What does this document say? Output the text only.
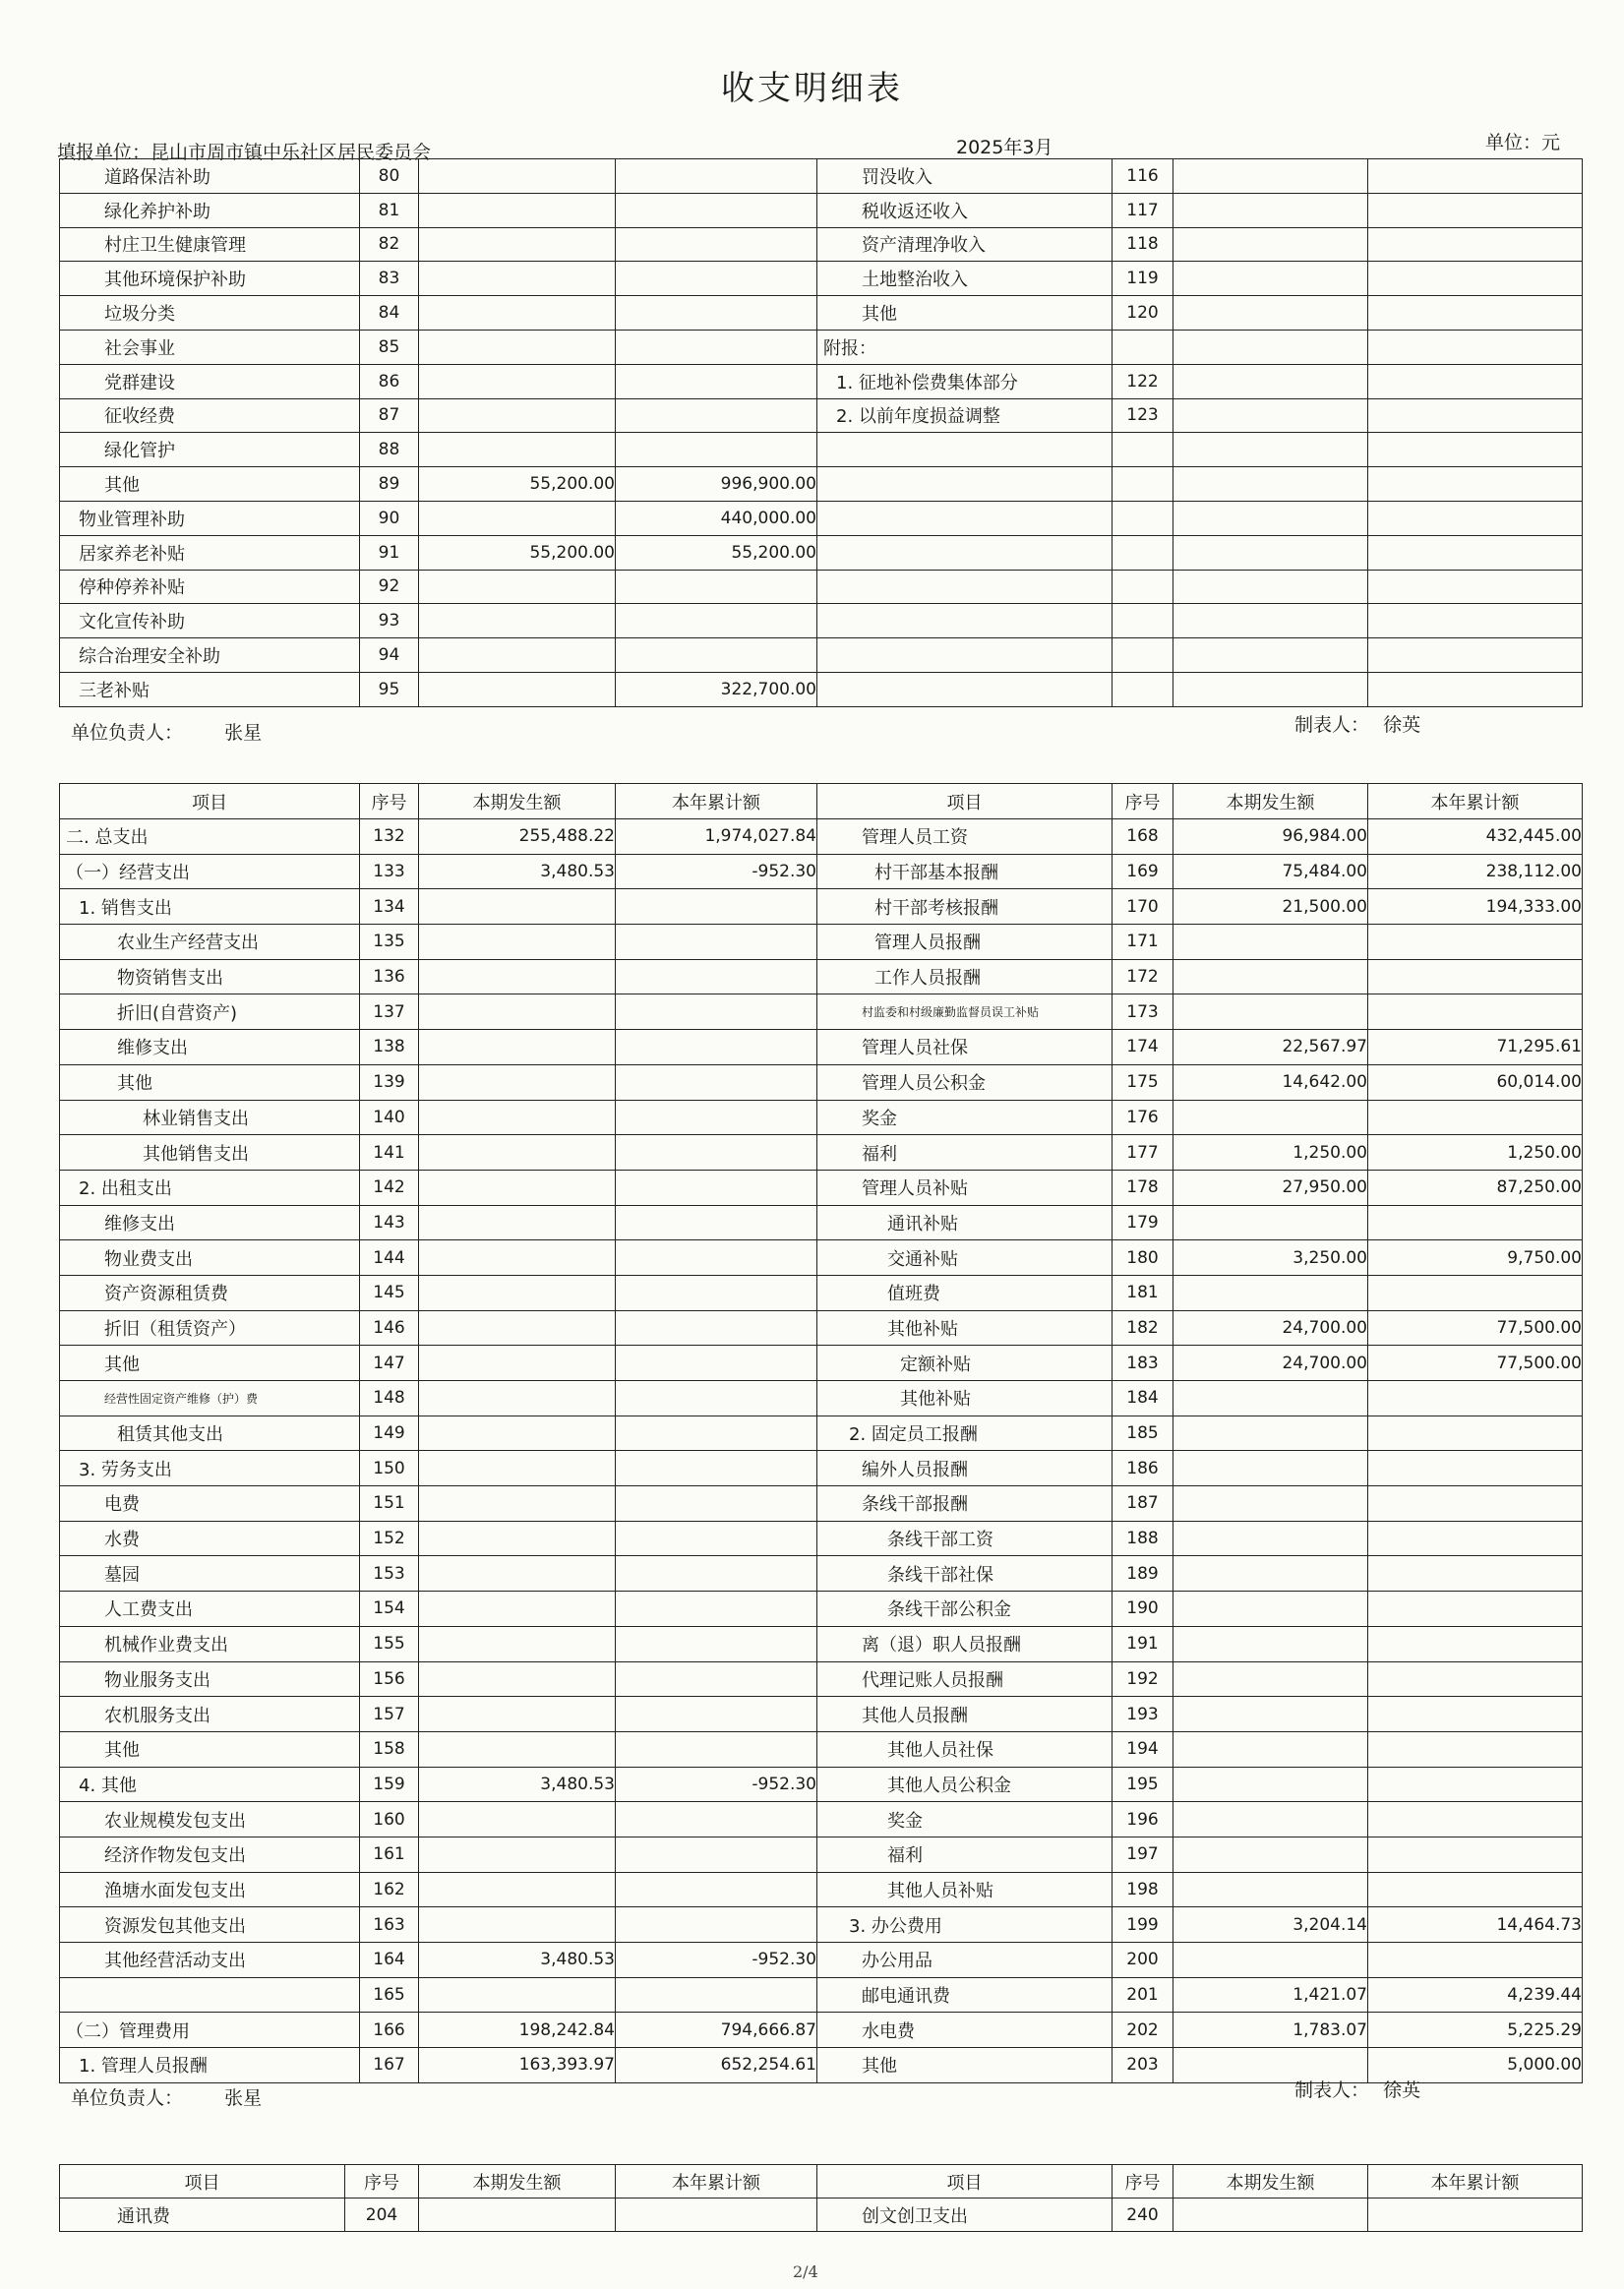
收支明细表
填报单位：昆山市周市镇中乐社区居民委员会	2025年3月	单位：元
道路保洁补助	80			罚没收入	116		
绿化养护补助	81			税收返还收入	117		
村庄卫生健康管理	82			资产清理净收入	118		
其他环境保护补助	83			土地整治收入	119		
垃圾分类	84			其他	120		
社会事业	85			附报：			
党群建设	86			1. 征地补偿费集体部分	122		
征收经费	87			2. 以前年度损益调整	123		
绿化管护	88						
其他	89	55,200.00	996,900.00				
物业管理补助	90		440,000.00				
居家养老补贴	91	55,200.00	55,200.00				
停种停养补贴	92						
文化宣传补助	93						
综合治理安全补助	94						
三老补贴	95		322,700.00				
单位负责人： 张星	制表人： 徐英
项目	序号	本期发生额	本年累计额	项目	序号	本期发生额	本年累计额
二. 总支出	132	255,488.22	1,974,027.84	管理人员工资	168	96,984.00	432,445.00
（一）经营支出	133	3,480.53	-952.30	村干部基本报酬	169	75,484.00	238,112.00
1. 销售支出	134			村干部考核报酬	170	21,500.00	194,333.00
农业生产经营支出	135			管理人员报酬	171		
物资销售支出	136			工作人员报酬	172		
折旧(自营资产)	137			村监委和村级廉勤监督员误工补贴	173		
维修支出	138			管理人员社保	174	22,567.97	71,295.61
其他	139			管理人员公积金	175	14,642.00	60,014.00
林业销售支出	140			奖金	176		
其他销售支出	141			福利	177	1,250.00	1,250.00
2. 出租支出	142			管理人员补贴	178	27,950.00	87,250.00
维修支出	143			通讯补贴	179		
物业费支出	144			交通补贴	180	3,250.00	9,750.00
资产资源租赁费	145			值班费	181		
折旧（租赁资产）	146			其他补贴	182	24,700.00	77,500.00
其他	147			定额补贴	183	24,700.00	77,500.00
经营性固定资产维修（护）费	148			其他补贴	184		
租赁其他支出	149			2. 固定员工报酬	185		
3. 劳务支出	150			编外人员报酬	186		
电费	151			条线干部报酬	187		
水费	152			条线干部工资	188		
墓园	153			条线干部社保	189		
人工费支出	154			条线干部公积金	190		
机械作业费支出	155			离（退）职人员报酬	191		
物业服务支出	156			代理记账人员报酬	192		
农机服务支出	157			其他人员报酬	193		
其他	158			其他人员社保	194		
4. 其他	159	3,480.53	-952.30	其他人员公积金	195		
农业规模发包支出	160			奖金	196		
经济作物发包支出	161			福利	197		
渔塘水面发包支出	162			其他人员补贴	198		
资源发包其他支出	163			3. 办公费用	199	3,204.14	14,464.73
其他经营活动支出	164	3,480.53	-952.30	办公用品	200		
	165			邮电通讯费	201	1,421.07	4,239.44
（二）管理费用	166	198,242.84	794,666.87	水电费	202	1,783.07	5,225.29
1. 管理人员报酬	167	163,393.97	652,254.61	其他	203		5,000.00
单位负责人： 张星	制表人： 徐英
项目	序号	本期发生额	本年累计额	项目	序号	本期发生额	本年累计额
通讯费	204			创文创卫支出	240		
2/4
